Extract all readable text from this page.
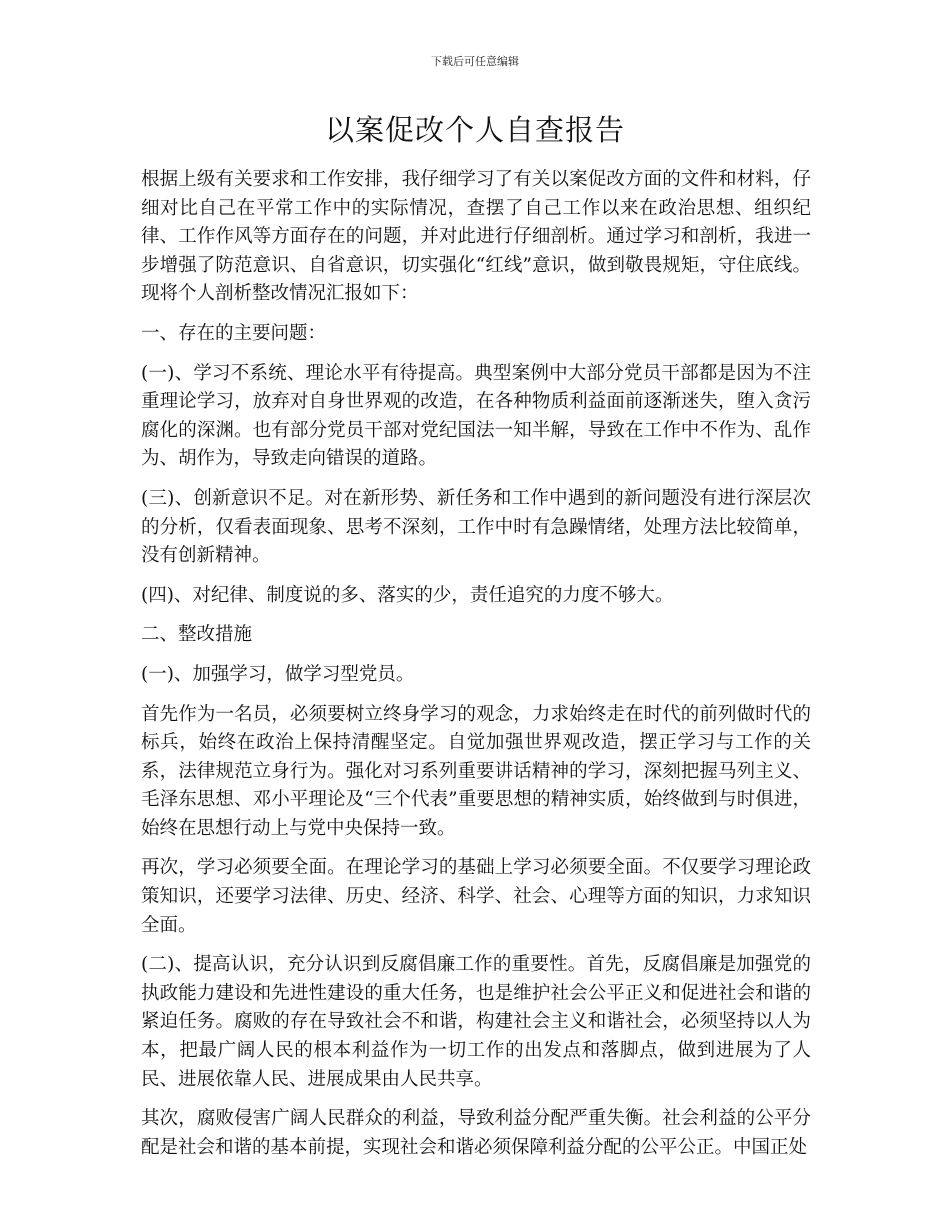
下载后可任意编辑
以案促改个人自查报告

根据上级有关要求和工作安排，我仔细学习了有关以案促改方面的文件和材料，仔细对比自己在平常工作中的实际情况，查摆了自己工作以来在政治思想、组织纪律、工作作风等方面存在的问题，并对此进行仔细剖析。通过学习和剖析，我进一步增强了防范意识、自省意识，切实强化“红线”意识，做到敬畏规矩，守住底线。现将个人剖析整改情况汇报如下：

一、存在的主要问题：

(一)、学习不系统、理论水平有待提高。典型案例中大部分党员干部都是因为不注重理论学习，放弃对自身世界观的改造，在各种物质利益面前逐渐迷失，堕入贪污腐化的深渊。也有部分党员干部对党纪国法一知半解，导致在工作中不作为、乱作为、胡作为，导致走向错误的道路。

(三)、创新意识不足。对在新形势、新任务和工作中遇到的新问题没有进行深层次的分析，仅看表面现象、思考不深刻，工作中时有急躁情绪，处理方法比较简单，没有创新精神。

(四)、对纪律、制度说的多、落实的少，责任追究的力度不够大。

二、整改措施

(一)、加强学习，做学习型党员。

首先作为一名员，必须要树立终身学习的观念，力求始终走在时代的前列做时代的标兵，始终在政治上保持清醒坚定。自觉加强世界观改造，摆正学习与工作的关系，法律规范立身行为。强化对习系列重要讲话精神的学习，深刻把握马列主义、毛泽东思想、邓小平理论及“三个代表”重要思想的精神实质，始终做到与时俱进，始终在思想行动上与党中央保持一致。

再次，学习必须要全面。在理论学习的基础上学习必须要全面。不仅要学习理论政策知识，还要学习法律、历史、经济、科学、社会、心理等方面的知识，力求知识全面。

(二)、提高认识，充分认识到反腐倡廉工作的重要性。首先，反腐倡廉是加强党的执政能力建设和先进性建设的重大任务，也是维护社会公平正义和促进社会和谐的紧迫任务。腐败的存在导致社会不和谐，构建社会主义和谐社会，必须坚持以人为本，把最广阔人民的根本利益作为一切工作的出发点和落脚点，做到进展为了人民、进展依靠人民、进展成果由人民共享。

其次，腐败侵害广阔人民群众的利益，导致利益分配严重失衡。社会利益的公平分配是社会和谐的基本前提，实现社会和谐必须保障利益分配的公平公正。中国正处
